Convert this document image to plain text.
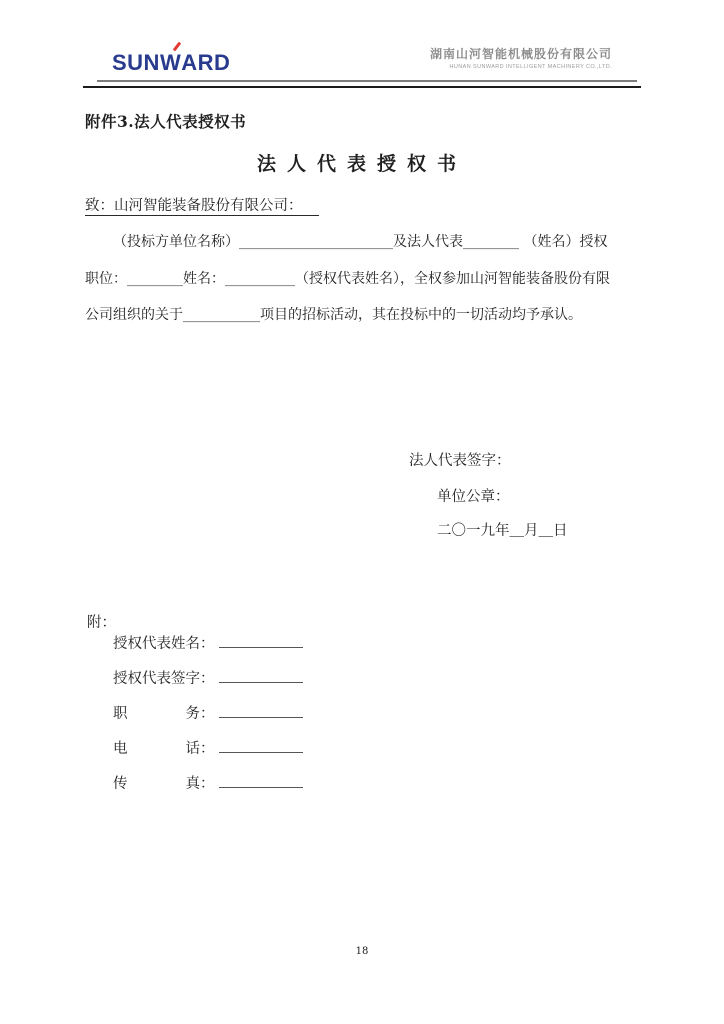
SUNW
ARD	湖南山河智能机械股份有限公司
HUNAN SUNWARD INTELLIGENT MACHINERY CO.,LTD.
附件3.法人代表授权书
法人代表授权书
致：山河智能装备股份有限公司：
（投标方单位名称）______________________及法人代表________ （姓名）授权
职位：________姓名：__________（授权代表姓名），全权参加山河智能装备股份有限
公司组织的关于___________项目的招标活动，其在投标中的一切活动均予承认。
法人代表签字：
单位公章：
二〇一九年＿月＿日
附：
授权代表姓名：
授权代表签字：
职　　　　务：
电　　　　话：
传　　　　真：
18
